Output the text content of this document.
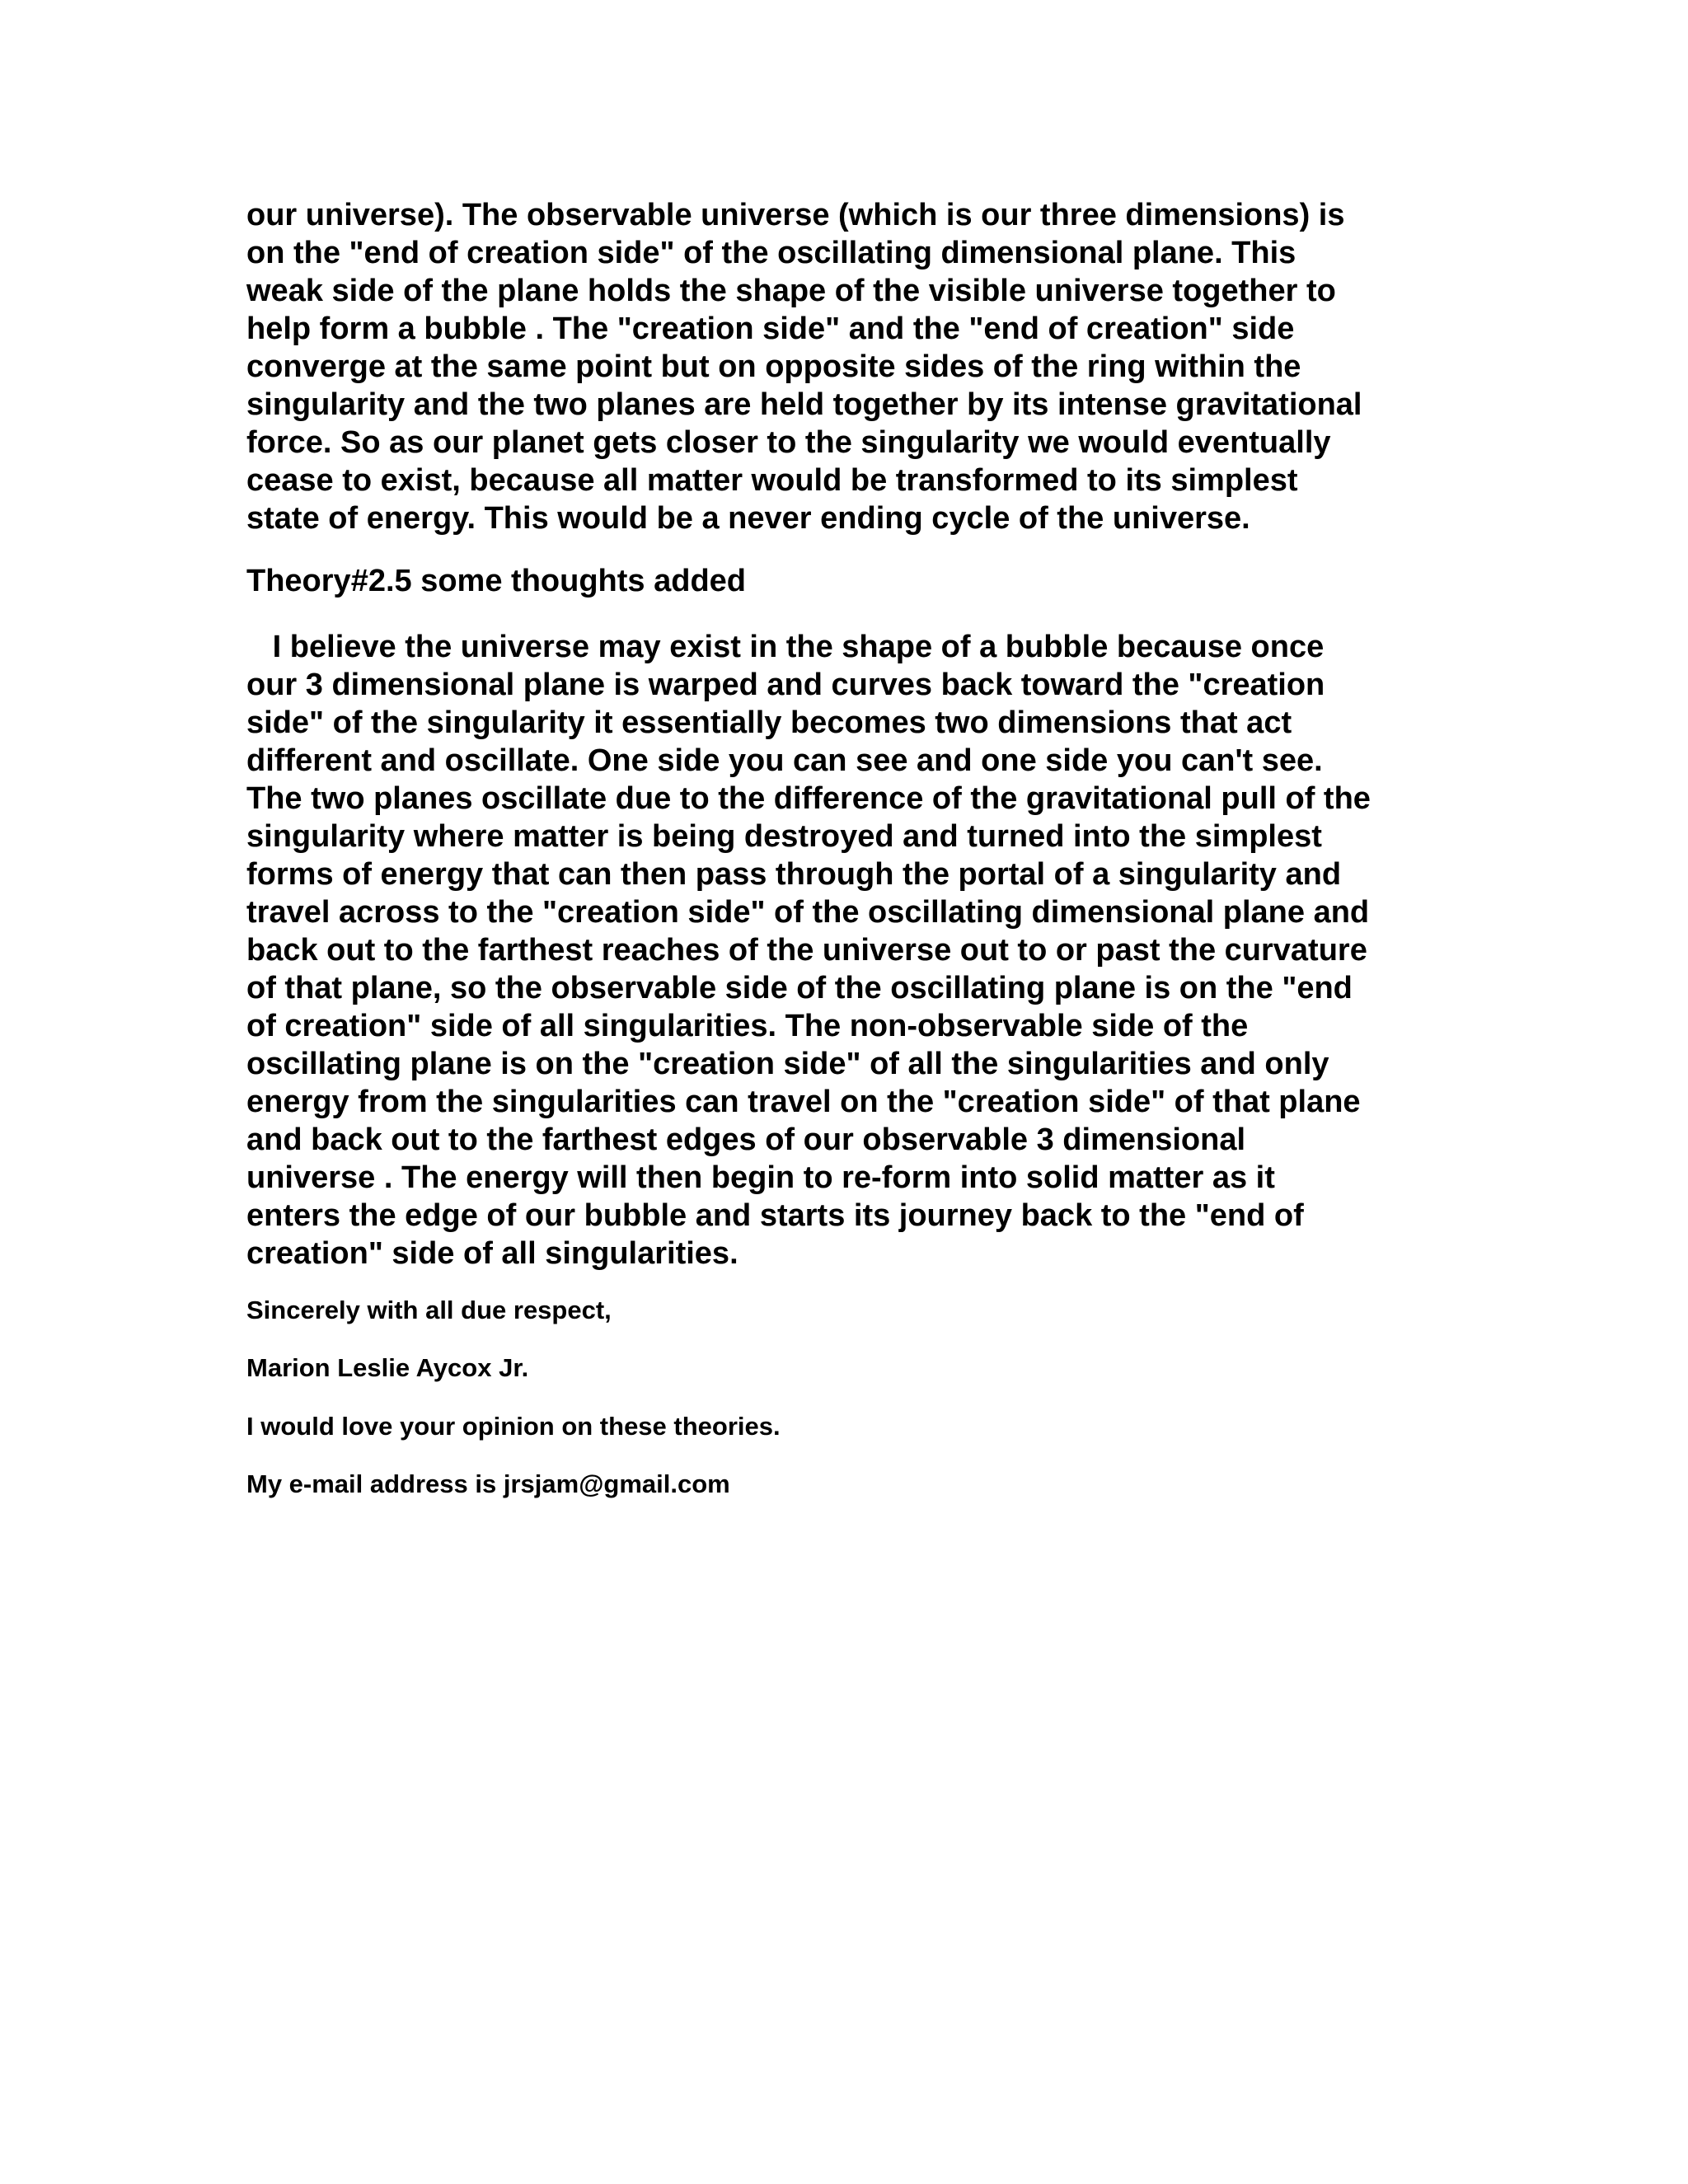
our universe). The observable universe (which is our three dimensions) is
on the "end of creation side" of the oscillating dimensional plane. This
weak side of the plane holds the shape of the visible universe together to
help form a bubble . The "creation side" and the "end of creation" side
converge at the same point but on opposite sides of the ring within the
singularity and the two planes are held together by its intense gravitational
force. So as our planet gets closer to the singularity we would eventually
cease to exist, because all matter would be transformed to its simplest
state of energy. This would be a never ending cycle of the universe.
Theory#2.5 some thoughts added
I believe the universe may exist in the shape of a bubble because once
our 3 dimensional plane is warped and curves back toward the "creation
side" of the singularity it essentially becomes two dimensions that act
different and oscillate. One side you can see and one side you can't see.
The two planes oscillate due to the difference of the gravitational pull of the
singularity where matter is being destroyed and turned into the simplest
forms of energy that can then pass through the portal of a singularity and
travel across to the "creation side" of the oscillating dimensional plane and
back out to the farthest reaches of the universe out to or past the curvature
of that plane, so the observable side of the oscillating plane is on the "end
of creation" side of all singularities. The non-observable side of the
oscillating plane is on the "creation side" of all the singularities and only
energy from the singularities can travel on the "creation side" of that plane
and back out to the farthest edges of our observable 3 dimensional
universe . The energy will then begin to re-form into solid matter as it
enters the edge of our bubble and starts its journey back to the "end of
creation" side of all singularities.

Sincerely with all due respect,

Marion Leslie Aycox Jr.

I would love your opinion on these theories.

My e-mail address is jrsjam@gmail.com
